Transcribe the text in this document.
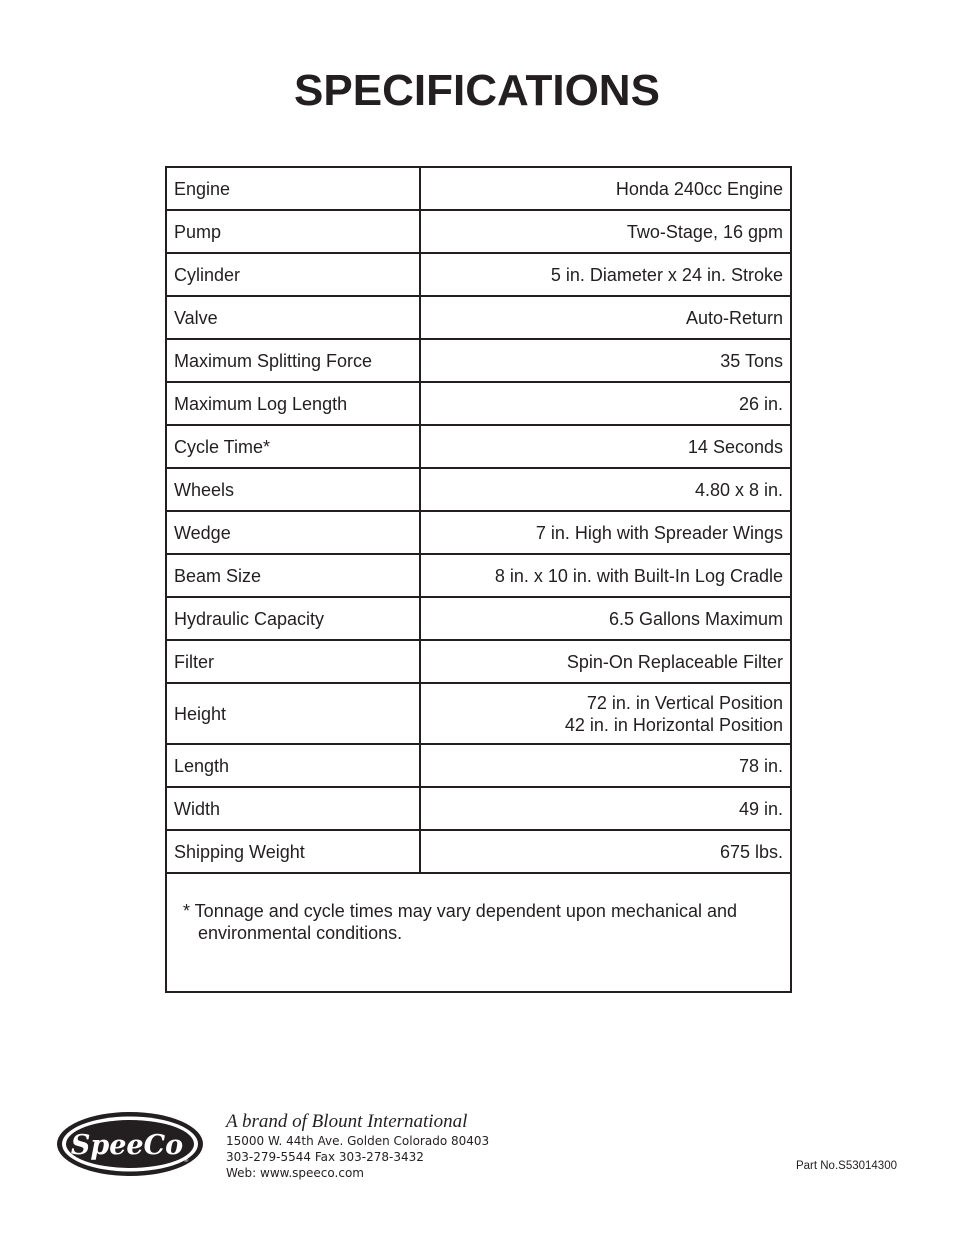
SPECIFICATIONS
Engine	Honda 240cc Engine
Pump	Two-Stage, 16 gpm
Cylinder	5 in. Diameter x 24 in. Stroke
Valve	Auto-Return
Maximum Splitting Force	35 Tons
Maximum Log Length	26 in.
Cycle Time*	14 Seconds
Wheels	4.80 x 8 in.
Wedge	7 in. High with Spreader Wings
Beam Size	8 in. x 10 in. with Built-In Log Cradle
Hydraulic Capacity	6.5 Gallons Maximum
Filter	Spin-On Replaceable Filter
Height	72 in. in Vertical Position
42 in. in Horizontal Position

Length	78 in.
Width	49 in.
Shipping Weight	675 lbs.

* Tonnage and cycle times may vary dependent upon mechanical and environmental conditions.	
SpeeCo ®
A brand of Blount International
15000 W. 44th Ave. Golden Colorado 80403
303-279-5544 Fax 303-278-3432
Web: www.speeco.com	Part No.S53014300
